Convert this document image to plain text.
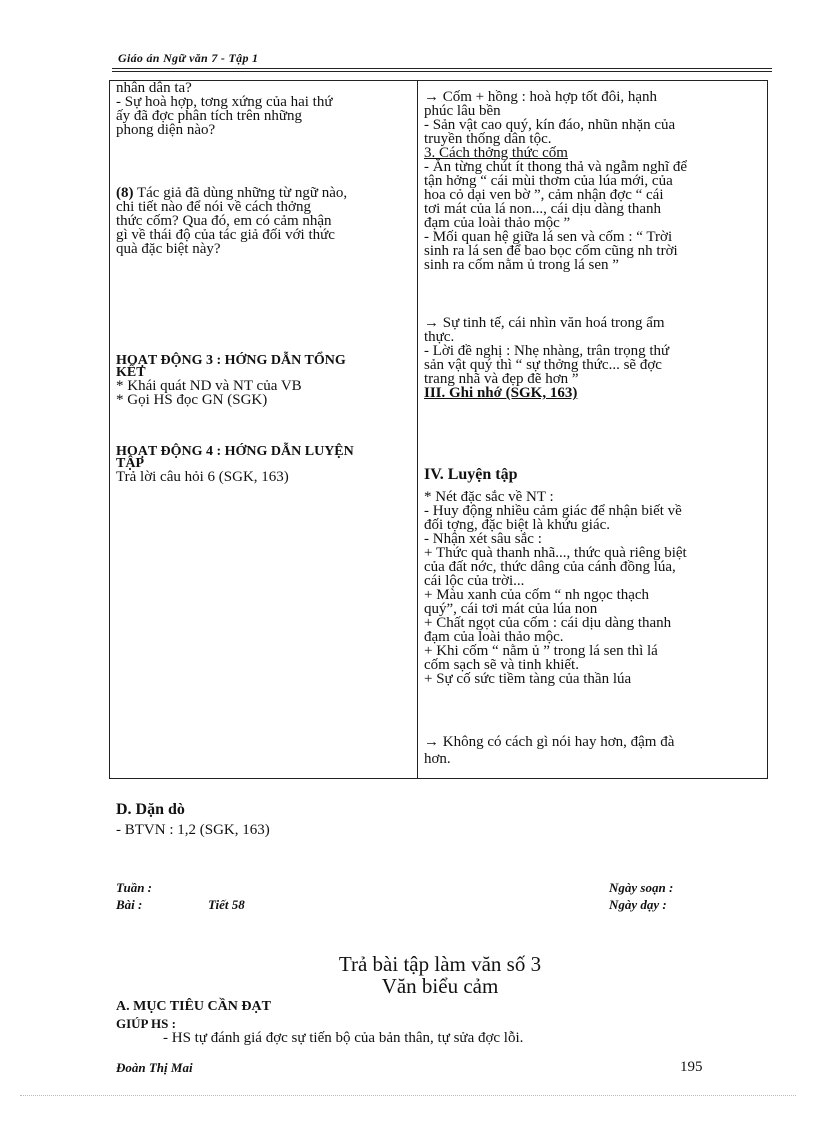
Giáo án Ngữ văn 7 - Tập 1

nhân dân ta?

- Sự hoà hợp, tơng xứng của hai thứ

ấy đã đợc phân tích trên những

phong diện nào?

(8) Tác giả đã dùng những từ ngữ nào,

chi tiết nào để nói về cách thởng

thức cốm? Qua đó, em có cảm nhận

gì về thái độ của tác giả đối với thức

quà đặc biệt này?

HOẠT ĐỘNG 3 : HỚNG DẪN TỔNG

KẾT

* Khái quát ND và NT của VB

* Gọi HS đọc GN (SGK)

HOẠT ĐỘNG 4 : HỚNG DẪN LUYỆN

TẬP

Trả lời câu hỏi 6 (SGK, 163)

→ Cốm + hồng : hoà hợp tốt đôi, hạnh

phúc lâu bền

- Sản vật cao quý, kín đáo, nhũn nhặn của

truyền thống dân tộc.

3. Cách thởng thức cốm

- Ăn từng chút ít thong thả và ngẫm nghĩ để

tận hởng “ cái mùi thơm của lúa mới, của

hoa cỏ dại ven bờ ”, cảm nhận đợc “ cái

tơi mát của lá non..., cái dịu dàng thanh

đạm của loài thảo mộc ”

- Mối quan hệ giữa lá sen và cốm : “ Trời

sinh ra lá sen để bao bọc cốm cũng nh trời

sinh ra cốm nằm ủ trong lá sen ”

→ Sự tinh tế, cái nhìn văn hoá trong ẩm

thực.

- Lời đề nghị : Nhẹ nhàng, trân trọng thứ

sản vật quý thì “ sự thởng thức... sẽ đợc

trang nhã và đẹp đẽ hơn ”

III. Ghi nhớ (SGK, 163)

IV. Luyện tập

* Nét đặc sắc về NT :

- Huy động nhiều cảm giác để nhận biết về

đối tợng, đặc biệt là khứu giác.

- Nhận xét sâu sắc :

+ Thức quà thanh nhã..., thức quà riêng biệt

của đất nớc, thức dâng của cánh đồng lúa,

cái lộc của trời...

+ Màu xanh của cốm “ nh ngọc thạch

quý”, cái tơi mát của lúa non

+ Chất ngọt của cốm : cái dịu dàng thanh

đạm của loài thảo mộc.

+ Khi cốm “ nằm ủ ” trong lá sen thì lá

cốm sạch sẽ và tinh khiết.

+ Sự cố sức tiềm tàng của thần lúa

→ Không có cách gì nói hay hơn, đậm đà

hơn.

D. Dặn dò
- BTVN : 1,2 (SGK, 163)
Tuần :
Bài :	Tiết 58
Ngày soạn :
Ngày dạy :
Trả bài tập làm văn số 3
Văn biểu cảm
A. MỤC TIÊU CẦN ĐẠT
GIÚP HS :
- HS tự đánh giá đợc sự tiến bộ của bản thân, tự sửa đợc lỗi.
Đoàn Thị Mai	195
